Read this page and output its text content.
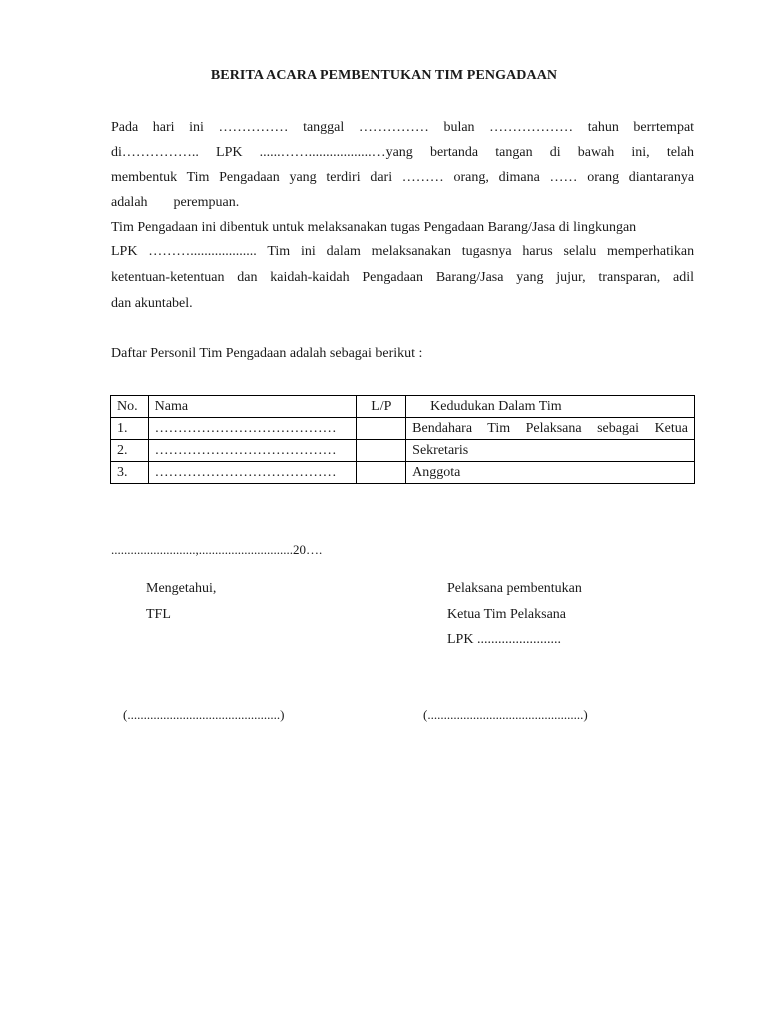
BERITA ACARA PEMBENTUKAN TIM PENGADAAN
Pada hari ini …………… tanggal …………… bulan ……………… tahun berrtempat
di…………….. LPK ......……..................…yang bertanda tangan di bawah ini, telah
membentuk Tim Pengadaan yang terdiri dari ……… orang, dimana …… orang diantaranya
adalah perempuan.
Tim Pengadaan ini dibentuk untuk melaksanakan tugas Pengadaan Barang/Jasa di lingkungan
LPK ………................... Tim ini dalam melaksanakan tugasnya harus selalu memperhatikan
ketentuan-ketentuan dan kaidah-kaidah Pengadaan Barang/Jasa yang jujur, transparan, adil
dan akuntabel.
Daftar Personil Tim Pengadaan adalah sebagai berikut :
No.	Nama	L/P	Kedudukan Dalam Tim
1.	…………………………………		Bendahara Tim Pelaksana sebagai Ketua
2.	…………………………………		Sekretaris
3.	…………………………………		Anggota
..........................,.............................20….
Mengetahui,
TFL
Pelaksana pembentukan
Ketua Tim Pelaksana
LPK ........................
(...............................................)	(................................................)
